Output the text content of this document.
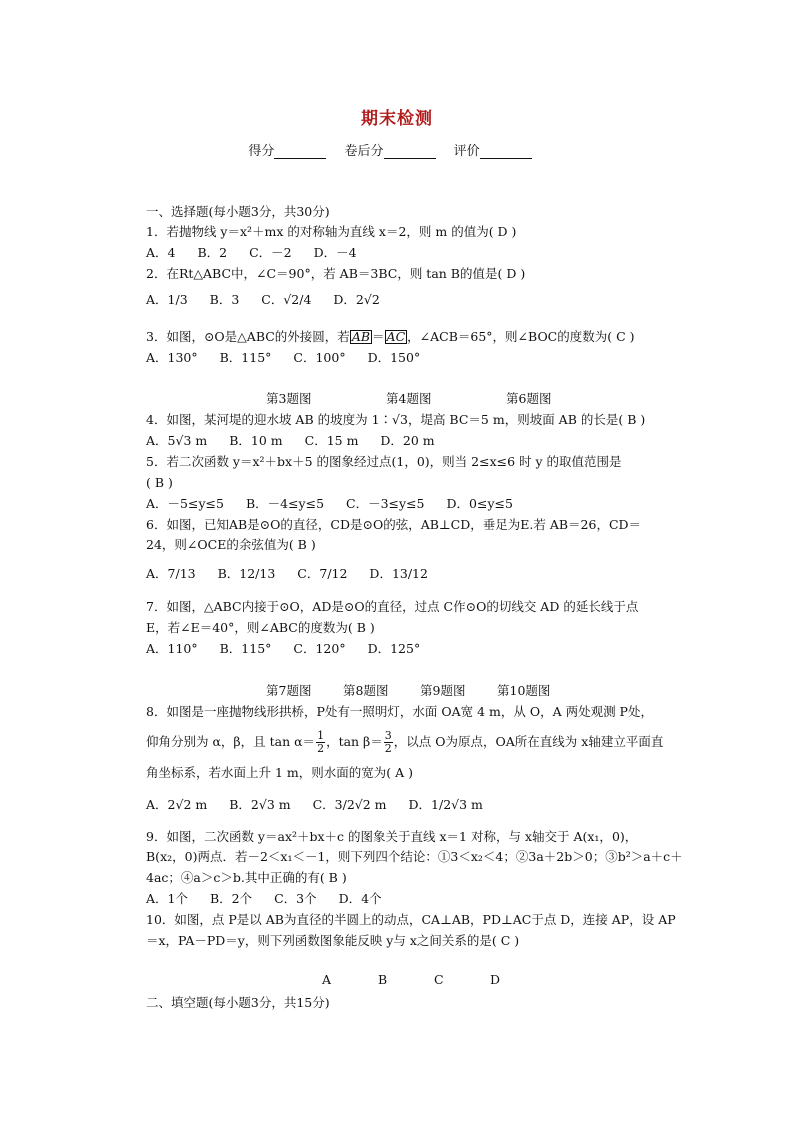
期末检测
得分	卷后分	评价
一、选择题(每小题3分，共30分)
1．若抛物线 y＝x²＋mx 的对称轴为直线 x＝2，则 m 的值为( D )
A．4 B．2 C．－2 D．－4
2．在Rt△ABC中，∠C＝90°，若 AB＝3BC，则 tan B的值是( D )
A．1/3 B．3 C．√2/4 D．2√2
3．如图，⊙O是△ABC的外接圆，若 AB ＝ AC ，∠ACB＝65°，则∠BOC的度数为( C )
A．130° B．115° C．100° D．150°
第3题图	第4题图	第6题图
4．如图，某河堤的迎水坡 AB 的坡度为 1∶√3，堤高 BC＝5 m，则坡面 AB 的长是( B )
A．5√3 m B．10 m C．15 m D．20 m
5．若二次函数 y＝x²＋bx＋5 的图象经过点(1，0)，则当 2≤x≤6 时 y 的取值范围是
( B )
A．－5≤y≤5 B．－4≤y≤5 C．－3≤y≤5 D．0≤y≤5
6．如图，已知AB是⊙O的直径，CD是⊙O的弦，AB⊥CD，垂足为E.若 AB＝26，CD＝
24，则∠OCE的余弦值为( B )
A．7/13 B．12/13 C．7/12 D．13/12
7．如图，△ABC内接于⊙O，AD是⊙O的直径，过点 C作⊙O的切线交 AD 的延长线于点
E，若∠E＝40°，则∠ABC的度数为( B )
A．110° B．115° C．120° D．125°
第7题图	第8题图	第9题图	第10题图
8．如图是一座抛物线形拱桥，P处有一照明灯，水面 OA宽 4 m，从 O，A 两处观测 P处，
仰角分别为 α，β，且 $\tan \alpha= \frac{1}{2}$ ，$\tan \beta= \frac{3}{2}$ ，以点 O为原点，OA所在直线为 x轴建立平面直
角坐标系，若水面上升 1 m，则水面的宽为( A )
A．2√2 m B．2√3 m C．3/2√2 m D．1/2√3 m
9．如图，二次函数 y＝ax²＋bx＋c 的图象关于直线 x＝1 对称，与 x轴交于 A(x₁，0)，
B(x₂，0)两点．若－2＜x₁＜－1，则下列四个结论：①3＜x₂＜4；②3a＋2b＞0；③b²＞a＋c＋
4ac；④a＞c＞b.其中正确的有( B )
A．1个 B．2个 C．3个 D．4个
10．如图，点 P是以 AB为直径的半圆上的动点，CA⊥AB，PD⊥AC于点 D，连接 AP，设 AP
＝x，PA－PD＝y，则下列函数图象能反映 y与 x之间关系的是( C )
A	B	C	D
二、填空题(每小题3分，共15分)
